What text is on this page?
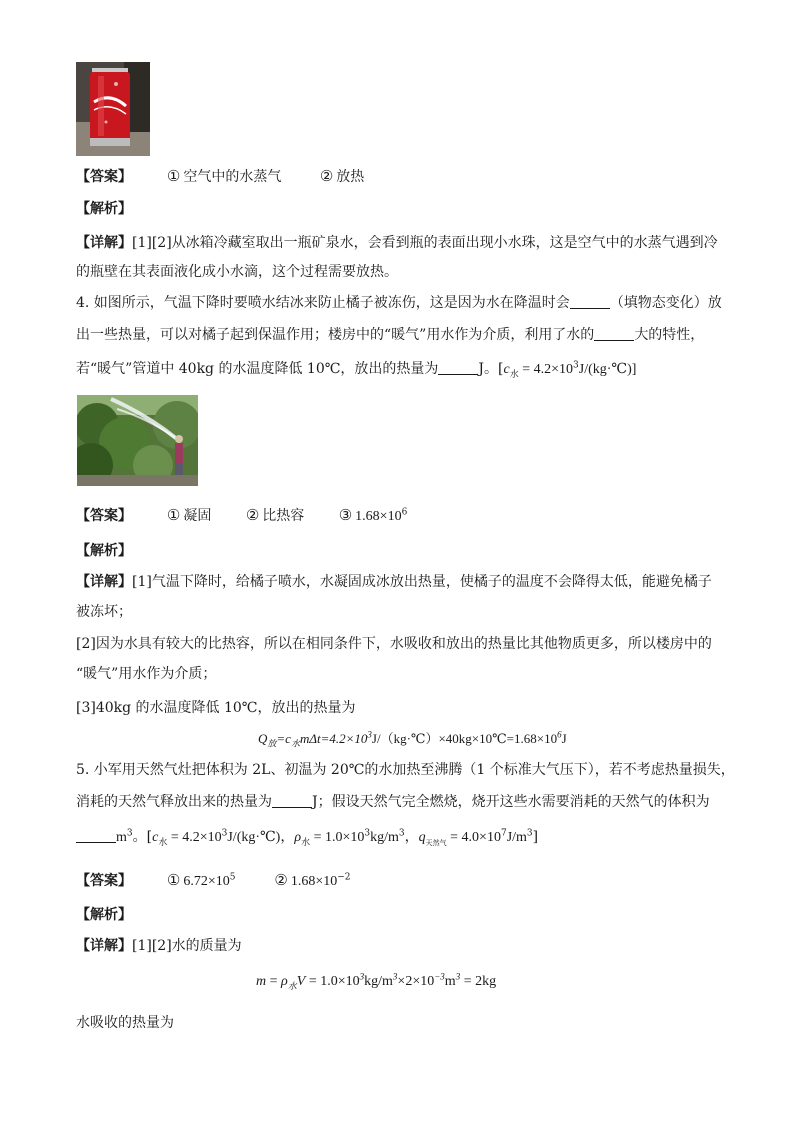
【答案】 ① 空气中的水蒸气	② 放热
【解析】
【详解】[1][2]从冰箱冷藏室取出一瓶矿泉水，会看到瓶的表面出现小水珠，这是空气中的水蒸气遇到冷
的瓶壁在其表面液化成小水滴，这个过程需要放热。
4. 如图所示，气温下降时要喷水结冰来防止橘子被冻伤，这是因为水在降温时会	（填物态变化）放
出一些热量，可以对橘子起到保温作用；楼房中的“暖气”用水作为介质，利用了水的	大的特性，
若“暖气”管道中 40kg 的水温度降低 10℃，放出的热量为	J。[$c_水$ = $4.2\times 10^3J/(kg\cdot℃)$]
【答案】 ① 凝固 ② 比热容 ③ $1.68\times 10^6$
【解析】
【详解】[1]气温下降时，给橘子喷水，水凝固成冰放出热量，使橘子的温度不会降得太低，能避免橘子
被冻坏；
[2]因为水具有较大的比热容，所以在相同条件下，水吸收和放出的热量比其他物质更多，所以楼房中的
“暖气”用水作为介质；
[3]40kg 的水温度降低 10℃，放出的热量为
$Q_放=c_水m\Delta t=4.2\times 10^3J/(kg\cdot℃)\times 40kg\times 10℃=1.68\times 10^6J$
5. 小军用天然气灶把体积为 2L、初温为 20℃的水加热至沸腾（1 个标准大气压下），若不考虑热量损失，
消耗的天然气释放出来的热量为	J；假设天然气完全燃烧，烧开这些水需要消耗的天然气的体积为
$m^3$。[$c_水$ = $4.2\times 10^3J/(kg\cdot℃)$，$\rho_水 = 1.0\times 10^3kg/m^3$，$q_{天然气} = 4.0\times 10^7J/m^3$]
【答案】 ① $6.72\times 10^5$	② $1.68\times 10^{-2}$
【解析】
【详解】[1][2]水的质量为
$m = \rho_水V = 1.0\times 10^3kg/m^3\times 2\times 10^{-3}m^3 = 2kg$
水吸收的热量为
